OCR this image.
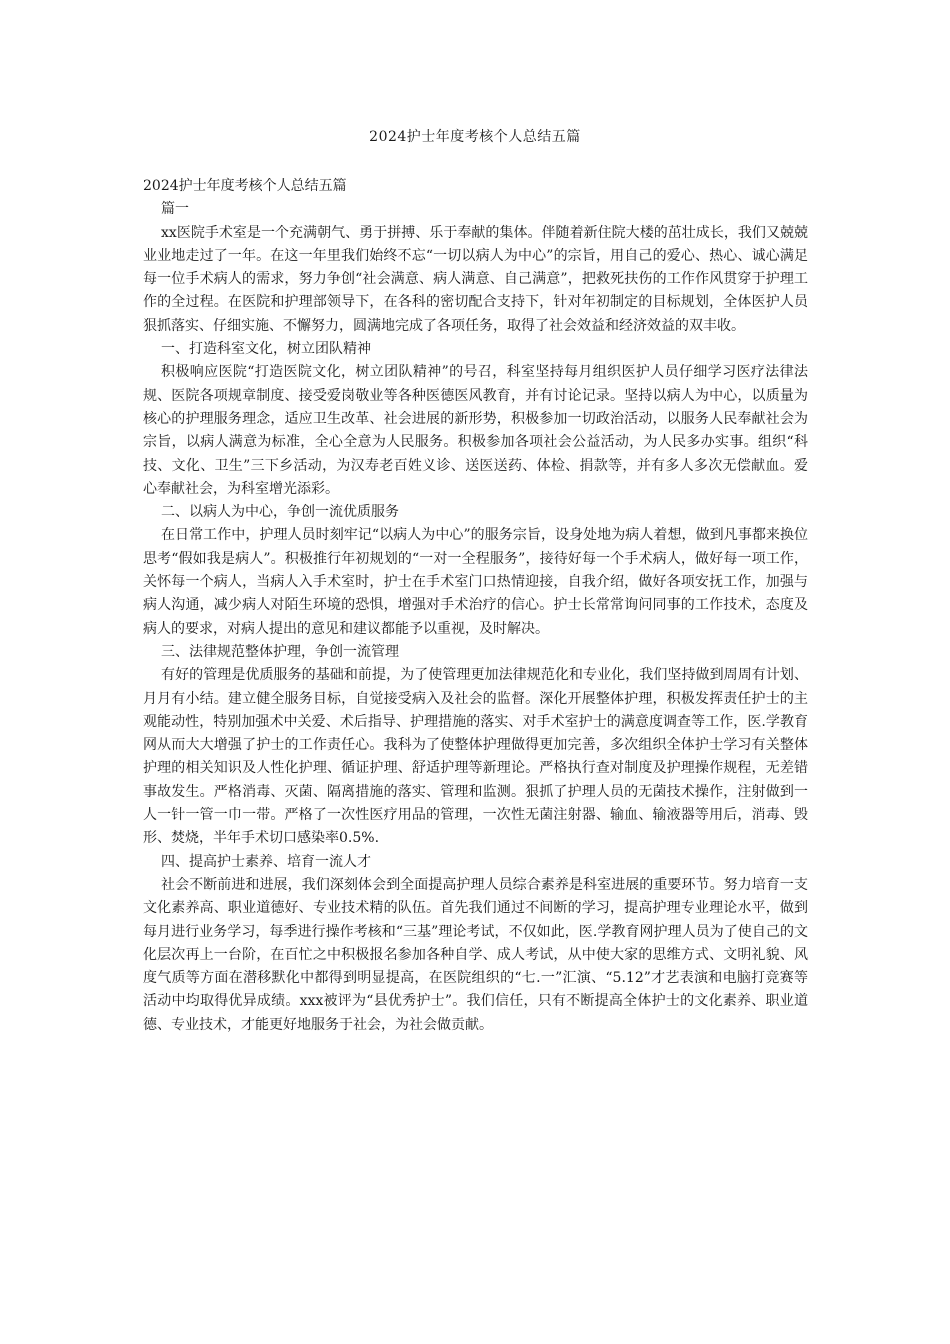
2024护士年度考核个人总结五篇

2024护士年度考核个人总结五篇

篇一

xx医院手术室是一个充满朝气、勇于拼搏、乐于奉献的集体。伴随着新住院大楼的茁壮成长，我们又兢兢业业地走过了一年。在这一年里我们始终不忘“一切以病人为中心”的宗旨，用自己的爱心、热心、诚心满足每一位手术病人的需求，努力争创“社会满意、病人满意、自己满意”，把救死扶伤的工作作风贯穿于护理工作的全过程。在医院和护理部领导下，在各科的密切配合支持下，针对年初制定的目标规划，全体医护人员狠抓落实、仔细实施、不懈努力，圆满地完成了各项任务，取得了社会效益和经济效益的双丰收。

一、打造科室文化，树立团队精神

积极响应医院“打造医院文化，树立团队精神”的号召，科室坚持每月组织医护人员仔细学习医疗法律法规、医院各项规章制度、接受爱岗敬业等各种医德医风教育，并有讨论记录。坚持以病人为中心，以质量为核心的护理服务理念，适应卫生改革、社会进展的新形势，积极参加一切政治活动，以服务人民奉献社会为宗旨，以病人满意为标准，全心全意为人民服务。积极参加各项社会公益活动，为人民多办实事。组织“科技、文化、卫生”三下乡活动，为汉寿老百姓义诊、送医送药、体检、捐款等，并有多人多次无偿献血。爱心奉献社会，为科室增光添彩。

二、以病人为中心，争创一流优质服务

在日常工作中，护理人员时刻牢记“以病人为中心”的服务宗旨，设身处地为病人着想，做到凡事都来换位思考“假如我是病人”。积极推行年初规划的“一对一全程服务”，接待好每一个手术病人，做好每一项工作，关怀每一个病人，当病人入手术室时，护士在手术室门口热情迎接，自我介绍，做好各项安抚工作，加强与病人沟通，减少病人对陌生环境的恐惧，增强对手术治疗的信心。护士长常常询问同事的工作技术，态度及病人的要求，对病人提出的意见和建议都能予以重视，及时解决。

三、法律规范整体护理，争创一流管理

有好的管理是优质服务的基础和前提，为了使管理更加法律规范化和专业化，我们坚持做到周周有计划、月月有小结。建立健全服务目标，自觉接受病入及社会的监督。深化开展整体护理，积极发挥责任护士的主观能动性，特别加强术中关爱、术后指导、护理措施的落实、对手术室护士的满意度调查等工作，医.学教育网从而大大增强了护士的工作责任心。我科为了使整体护理做得更加完善，多次组织全体护士学习有关整体护理的相关知识及人性化护理、循证护理、舒适护理等新理论。严格执行查对制度及护理操作规程，无差错事故发生。严格消毒、灭菌、隔离措施的落实、管理和监测。狠抓了护理人员的无菌技术操作，注射做到一人一针一管一巾一带。严格了一次性医疗用品的管理，一次性无菌注射器、输血、输液器等用后，消毒、毁形、焚烧，半年手术切口感染率0.5%.

四、提高护士素养、培育一流人才

社会不断前进和进展，我们深刻体会到全面提高护理人员综合素养是科室进展的重要环节。努力培育一支文化素养高、职业道德好、专业技术精的队伍。首先我们通过不间断的学习，提高护理专业理论水平，做到每月进行业务学习，每季进行操作考核和“三基”理论考试，不仅如此，医.学教育网护理人员为了使自己的文化层次再上一台阶，在百忙之中积极报名参加各种自学、成人考试，从中使大家的思维方式、文明礼貌、风度气质等方面在潜移默化中都得到明显提高，在医院组织的“七.一”汇演、“5.12”才艺表演和电脑打竞赛等活动中均取得优异成绩。xxx被评为“县优秀护士”。我们信任，只有不断提高全体护士的文化素养、职业道德、专业技术，才能更好地服务于社会，为社会做贡献。
